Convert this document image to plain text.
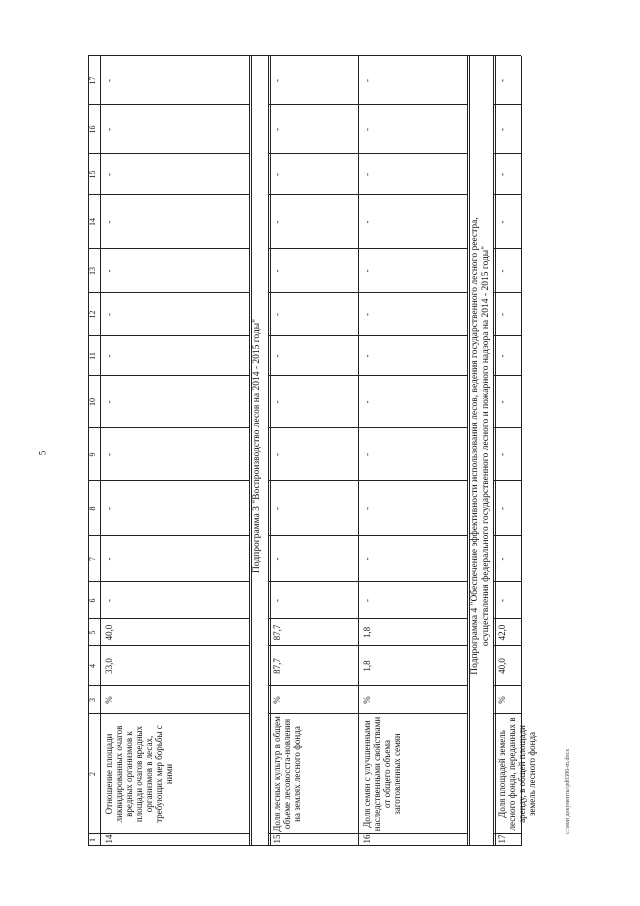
5
c:\мои документы\pd0386-m.docx
1
2
3
4
5
6
7
8
9
10
11
12
13
14
15
16
17
14
Отношение площади ликвидированных очагов вредных организмов к площади очагов вредных организмов в лесах, требующих мер борьбы с ними
%
33,0
40,0
-
-
-
-
-
-
-
-
-
-
-
-
15
Доля лесных культур в общем объеме лесовосста-новления на землях лесного фонда
%
87,7
87,7
-
-
-
-
-
-
-
-
-
-
-
-
16
Доля семян с улучшенными наследственными свойствами от общего объема заготовленных семян
%
1,8
1,8
-
-
-
-
-
-
-
-
-
-
-
-
17
Доля площадей земель лесного фонда, переданных в аренду, в общей площади земель лесного фонда
%
40,0
42,0
-
-
-
-
-
-
-
-
-
-
-
-
Подпрограмма 3 "Воспроизводство лесов на 2014 - 2015 годы"	Подпрограмма 4 "Обеспечение эффективности использования лесов, ведения государственного лесного реестра, осуществления федерального государственного лесного и пожарного надзора на 2014 - 2015 годы"
